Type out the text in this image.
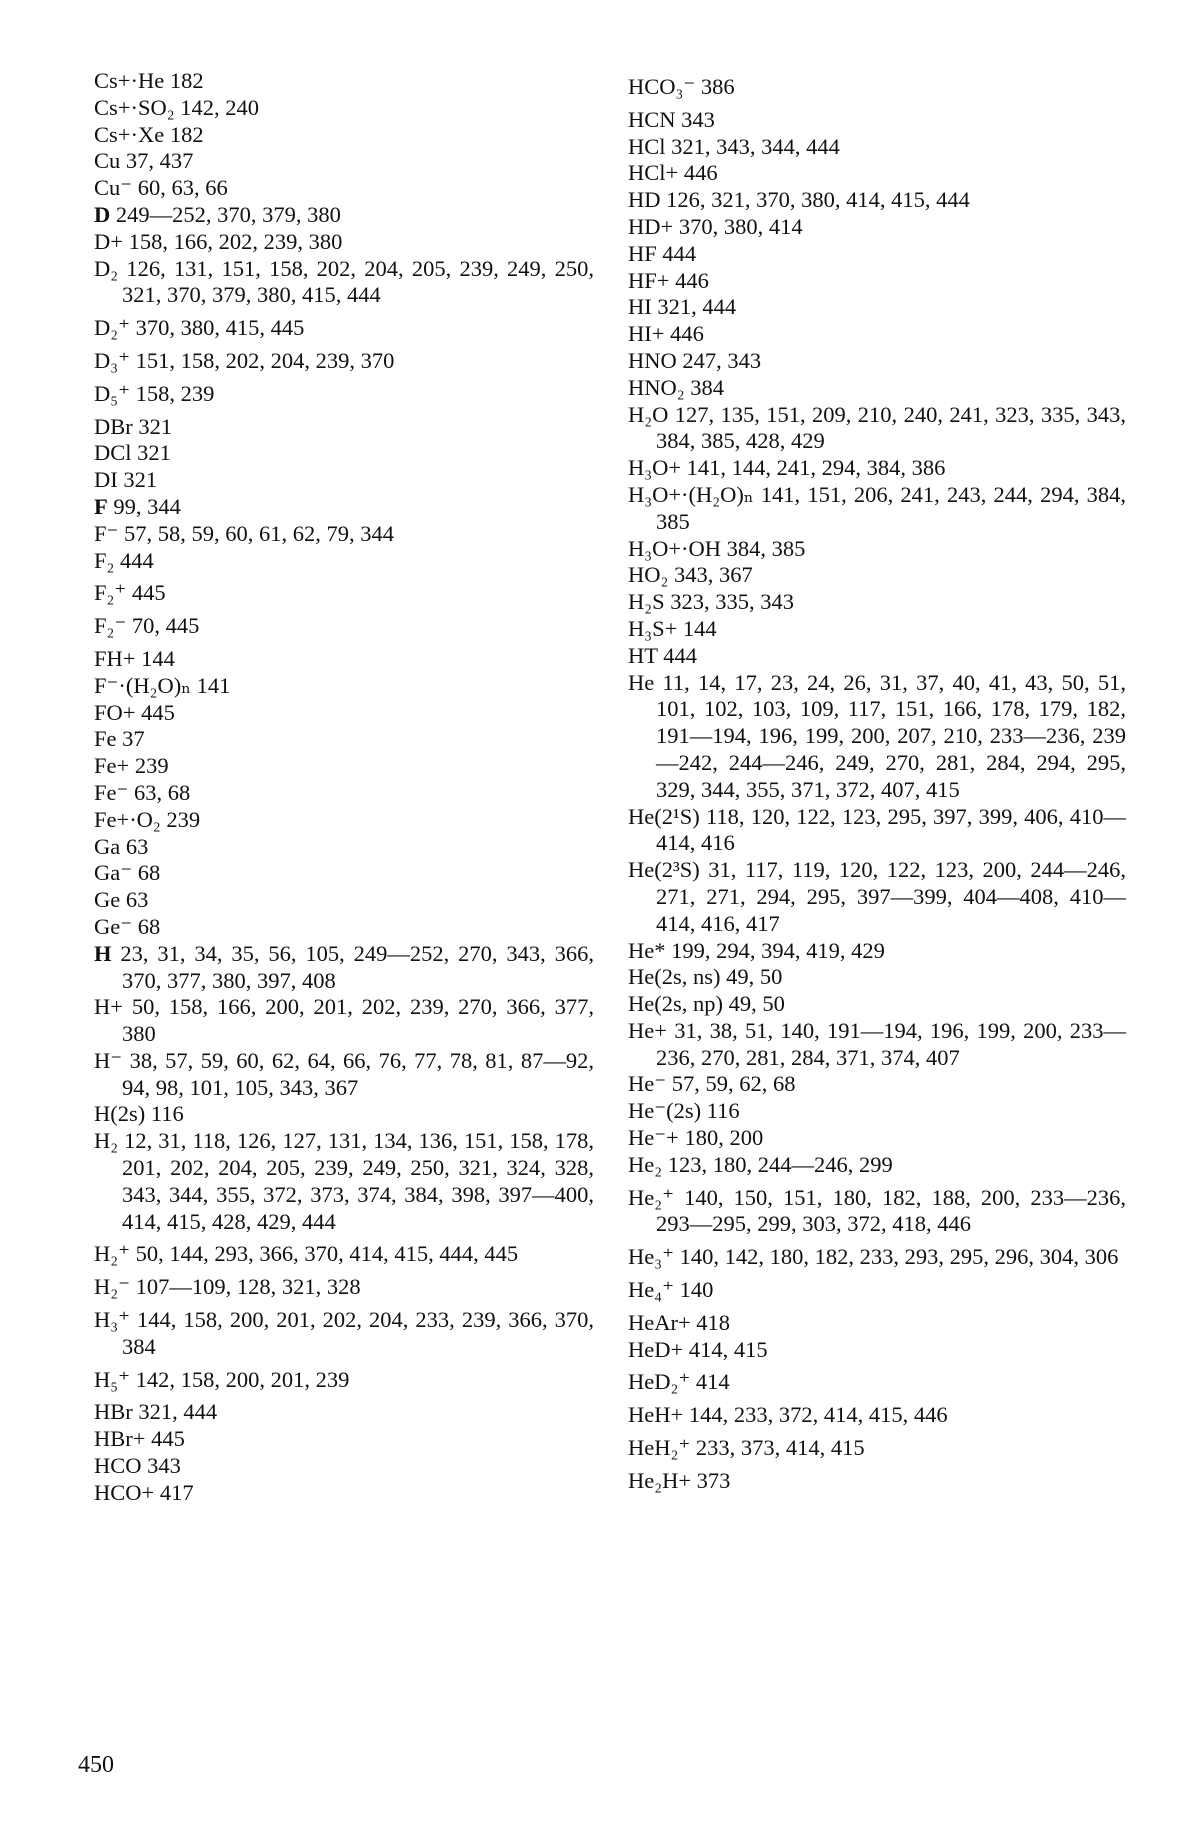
Cs+·He 182

Cs+·SO₂ 142, 240

Cs+·Xe 182

Cu 37, 437

Cu⁻ 60, 63, 66

D 249—252, 370, 379, 380

D+ 158, 166, 202, 239, 380

D₂ 126, 131, 151, 158, 202, 204, 205, 239, 249, 250, 321, 370, 379, 380, 415, 444

D₂⁺ 370, 380, 415, 445

D₃⁺ 151, 158, 202, 204, 239, 370

D₅⁺ 158, 239

DBr 321

DCl 321

DI 321

F 99, 344

F⁻ 57, 58, 59, 60, 61, 62, 79, 344

F₂ 444

F₂⁺ 445

F₂⁻ 70, 445

FH+ 144

F⁻·(H₂O)ₙ 141

FO+ 445

Fe 37

Fe+ 239

Fe⁻ 63, 68

Fe+·O₂ 239

Ga 63

Ga⁻ 68

Ge 63

Ge⁻ 68

H 23, 31, 34, 35, 56, 105, 249—252, 270, 343, 366, 370, 377, 380, 397, 408

H+ 50, 158, 166, 200, 201, 202, 239, 270, 366, 377, 380

H⁻ 38, 57, 59, 60, 62, 64, 66, 76, 77, 78, 81, 87—92, 94, 98, 101, 105, 343, 367

H(2s) 116

H₂ 12, 31, 118, 126, 127, 131, 134, 136, 151, 158, 178, 201, 202, 204, 205, 239, 249, 250, 321, 324, 328, 343, 344, 355, 372, 373, 374, 384, 398, 397—400, 414, 415, 428, 429, 444

H₂⁺ 50, 144, 293, 366, 370, 414, 415, 444, 445

H₂⁻ 107—109, 128, 321, 328

H₃⁺ 144, 158, 200, 201, 202, 204, 233, 239, 366, 370, 384

H₅⁺ 142, 158, 200, 201, 239

HBr 321, 444

HBr+ 445

HCO 343

HCO+ 417

HCO₃⁻ 386

HCN 343

HCl 321, 343, 344, 444

HCl+ 446

HD 126, 321, 370, 380, 414, 415, 444

HD+ 370, 380, 414

HF 444

HF+ 446

HI 321, 444

HI+ 446

HNO 247, 343

HNO₂ 384

H₂O 127, 135, 151, 209, 210, 240, 241, 323, 335, 343, 384, 385, 428, 429

H₃O+ 141, 144, 241, 294, 384, 386

H₃O+·(H₂O)ₙ 141, 151, 206, 241, 243, 244, 294, 384, 385

H₃O+·OH 384, 385

HO₂ 343, 367

H₂S 323, 335, 343

H₃S+ 144

HT 444

He 11, 14, 17, 23, 24, 26, 31, 37, 40, 41, 43, 50, 51, 101, 102, 103, 109, 117, 151, 166, 178, 179, 182, 191—194, 196, 199, 200, 207, 210, 233—236, 239—242, 244—246, 249, 270, 281, 284, 294, 295, 329, 344, 355, 371, 372, 407, 415

He(2¹S) 118, 120, 122, 123, 295, 397, 399, 406, 410—414, 416

He(2³S) 31, 117, 119, 120, 122, 123, 200, 244—246, 271, 271, 294, 295, 397—399, 404—408, 410—414, 416, 417

He* 199, 294, 394, 419, 429

He(2s, ns) 49, 50

He(2s, np) 49, 50

He+ 31, 38, 51, 140, 191—194, 196, 199, 200, 233—236, 270, 281, 284, 371, 374, 407

He⁻ 57, 59, 62, 68

He⁻(2s) 116

He⁻+ 180, 200

He₂ 123, 180, 244—246, 299

He₂⁺ 140, 150, 151, 180, 182, 188, 200, 233—236, 293—295, 299, 303, 372, 418, 446

He₃⁺ 140, 142, 180, 182, 233, 293, 295, 296, 304, 306

He₄⁺ 140

HeAr+ 418

HeD+ 414, 415

HeD₂⁺ 414

HeH+ 144, 233, 372, 414, 415, 446

HeH₂⁺ 233, 373, 414, 415

He₂H+ 373

450
